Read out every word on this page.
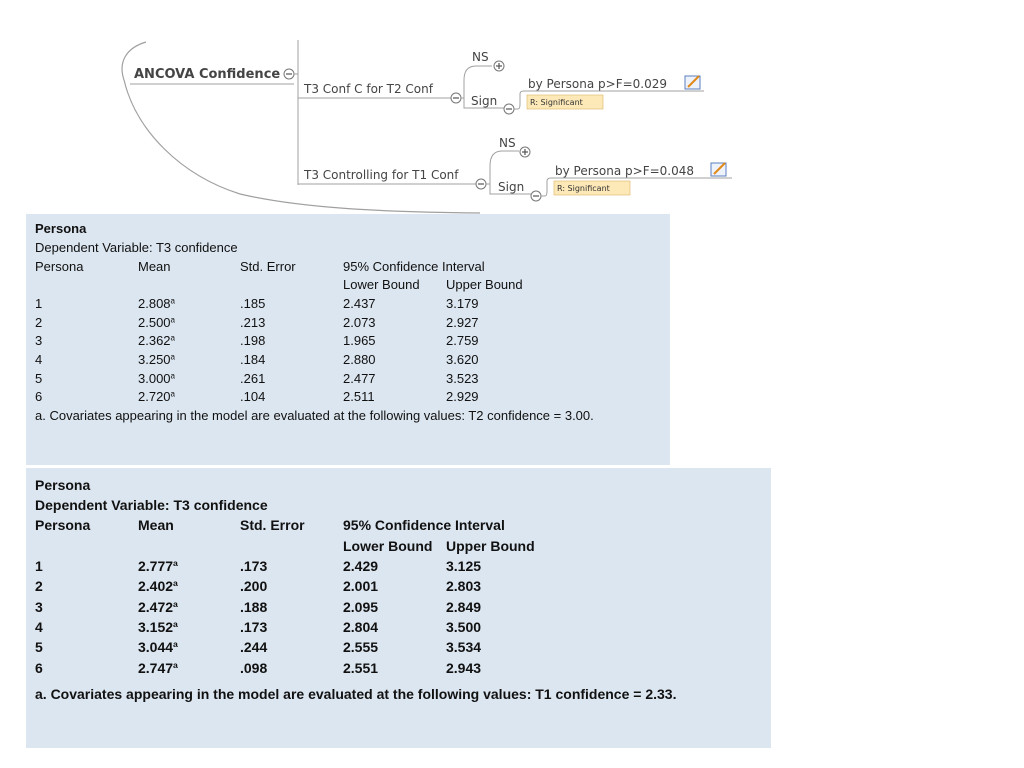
ANCOVA Confidence
T3 Conf C for T2 Conf
NS
Sign
by Persona p>F=0.029
R: Significant
T3 Controlling for T1 Conf
NS
Sign
by Persona p>F=0.048
R: Significant
Persona
Dependent Variable: T3 confidence
Persona	Mean	Std. Error	95% Confidence Interval
Lower Bound Upper Bound
1	2.808$^a$	.185	2.437	3.179
2	2.500$^a$	.213	2.073	2.927
3	2.362$^a$	.198	1.965	2.759
4	3.250$^a$	.184	2.880	3.620
5	3.000$^a$	.261	2.477	3.523
6	2.720$^a$	.104	2.511	2.929
a. Covariates appearing in the model are evaluated at the following values: T2 confidence = 3.00.
Persona
Dependent Variable: T3 confidence
Persona	Mean	Std. Error	95% Confidence Interval
Lower Bound Upper Bound
1	2.777$^a$	.173	2.429	3.125
2	2.402$^a$	.200	2.001	2.803
3	2.472$^a$	.188	2.095	2.849
4	3.152$^a$	.173	2.804	3.500
5	3.044$^a$	.244	2.555	3.534
6	2.747$^a$	.098	2.551	2.943
a. Covariates appearing in the model are evaluated at the following values: T1 confidence = 2.33.
